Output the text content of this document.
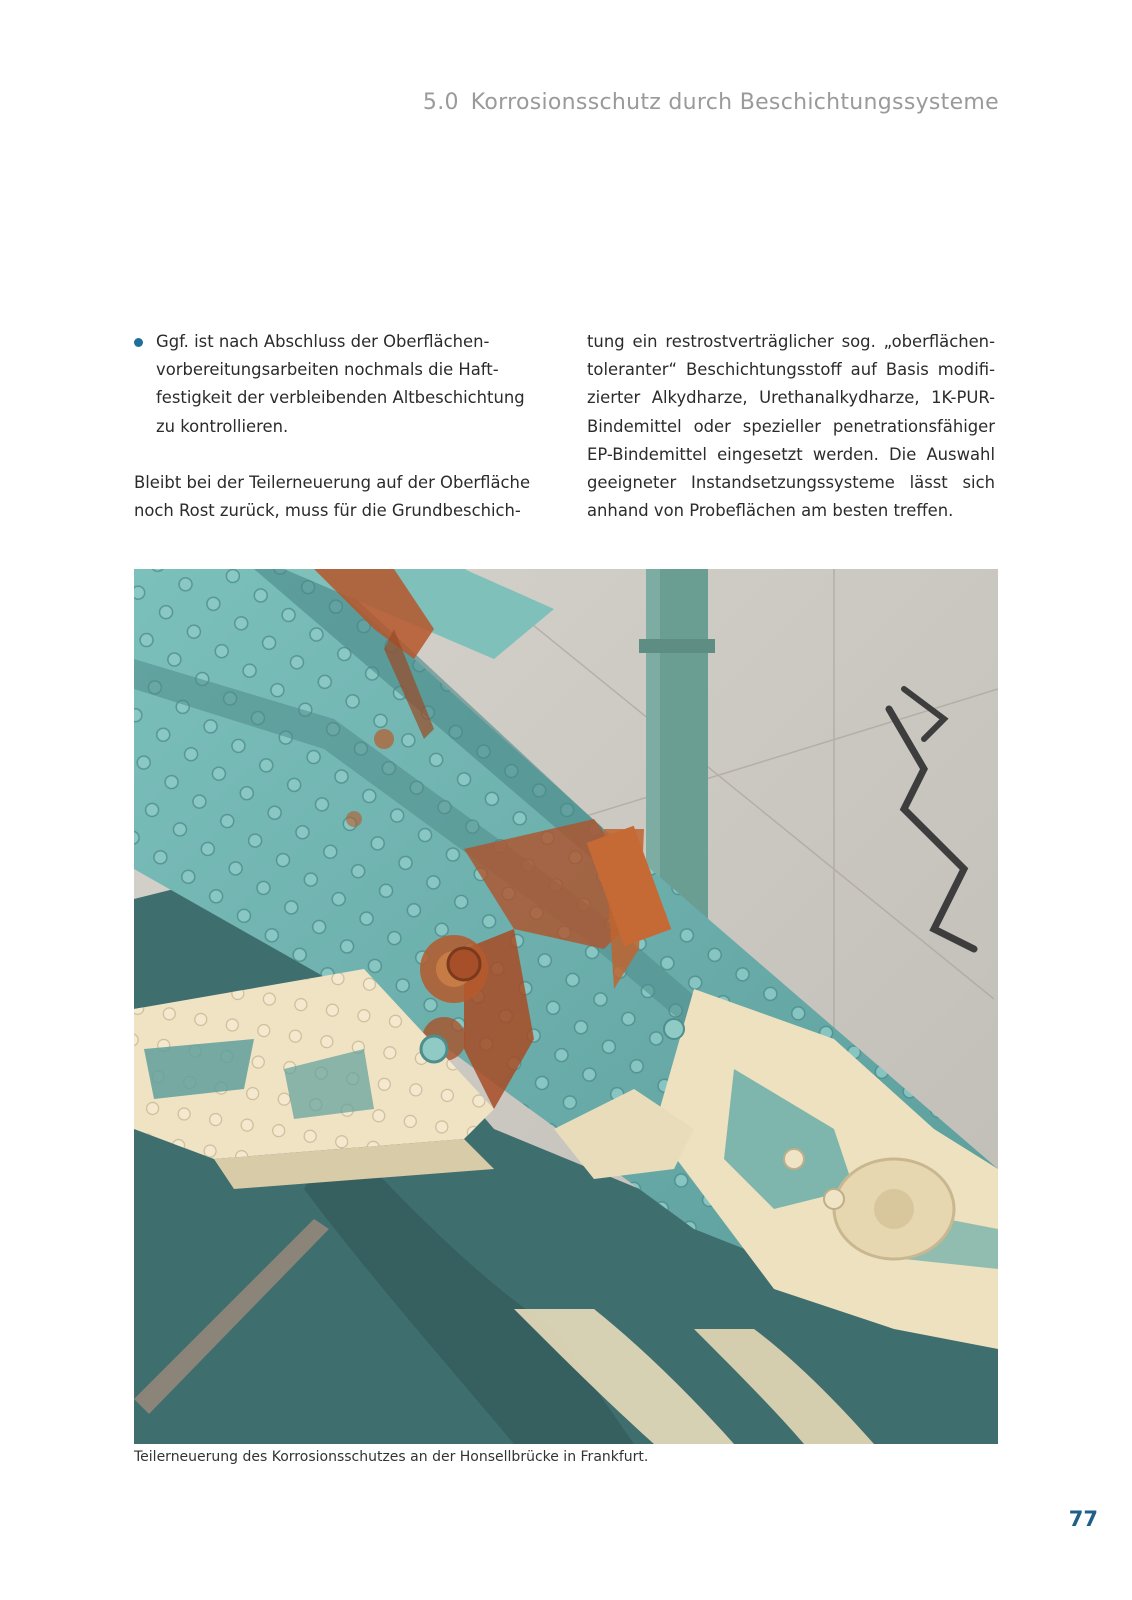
5.0 Korrosionsschutz durch Beschichtungssysteme
Ggf. ist nach Abschluss der Oberflächen-
vorbereitungsarbeiten nochmals die Haft-
festigkeit der verbleibenden Altbeschichtung
zu kontrollieren.
Bleibt bei der Teilerneuerung auf der Oberfläche
noch Rost zurück, muss für die Grundbeschich-
tung ein restrostverträglicher sog. „oberflächen-
toleranter“ Beschichtungsstoff auf Basis modifi-
zierter Alkydharze, Urethanalkydharze, 1K-PUR-
Bindemittel oder spezieller penetrationsfähiger
EP-Bindemittel eingesetzt werden. Die Auswahl
geeigneter Instandsetzungssysteme lässt sich
anhand von Probeflächen am besten treffen.
Teilerneuerung des Korrosionsschutzes an der Honsellbrücke in Frankfurt.
77
